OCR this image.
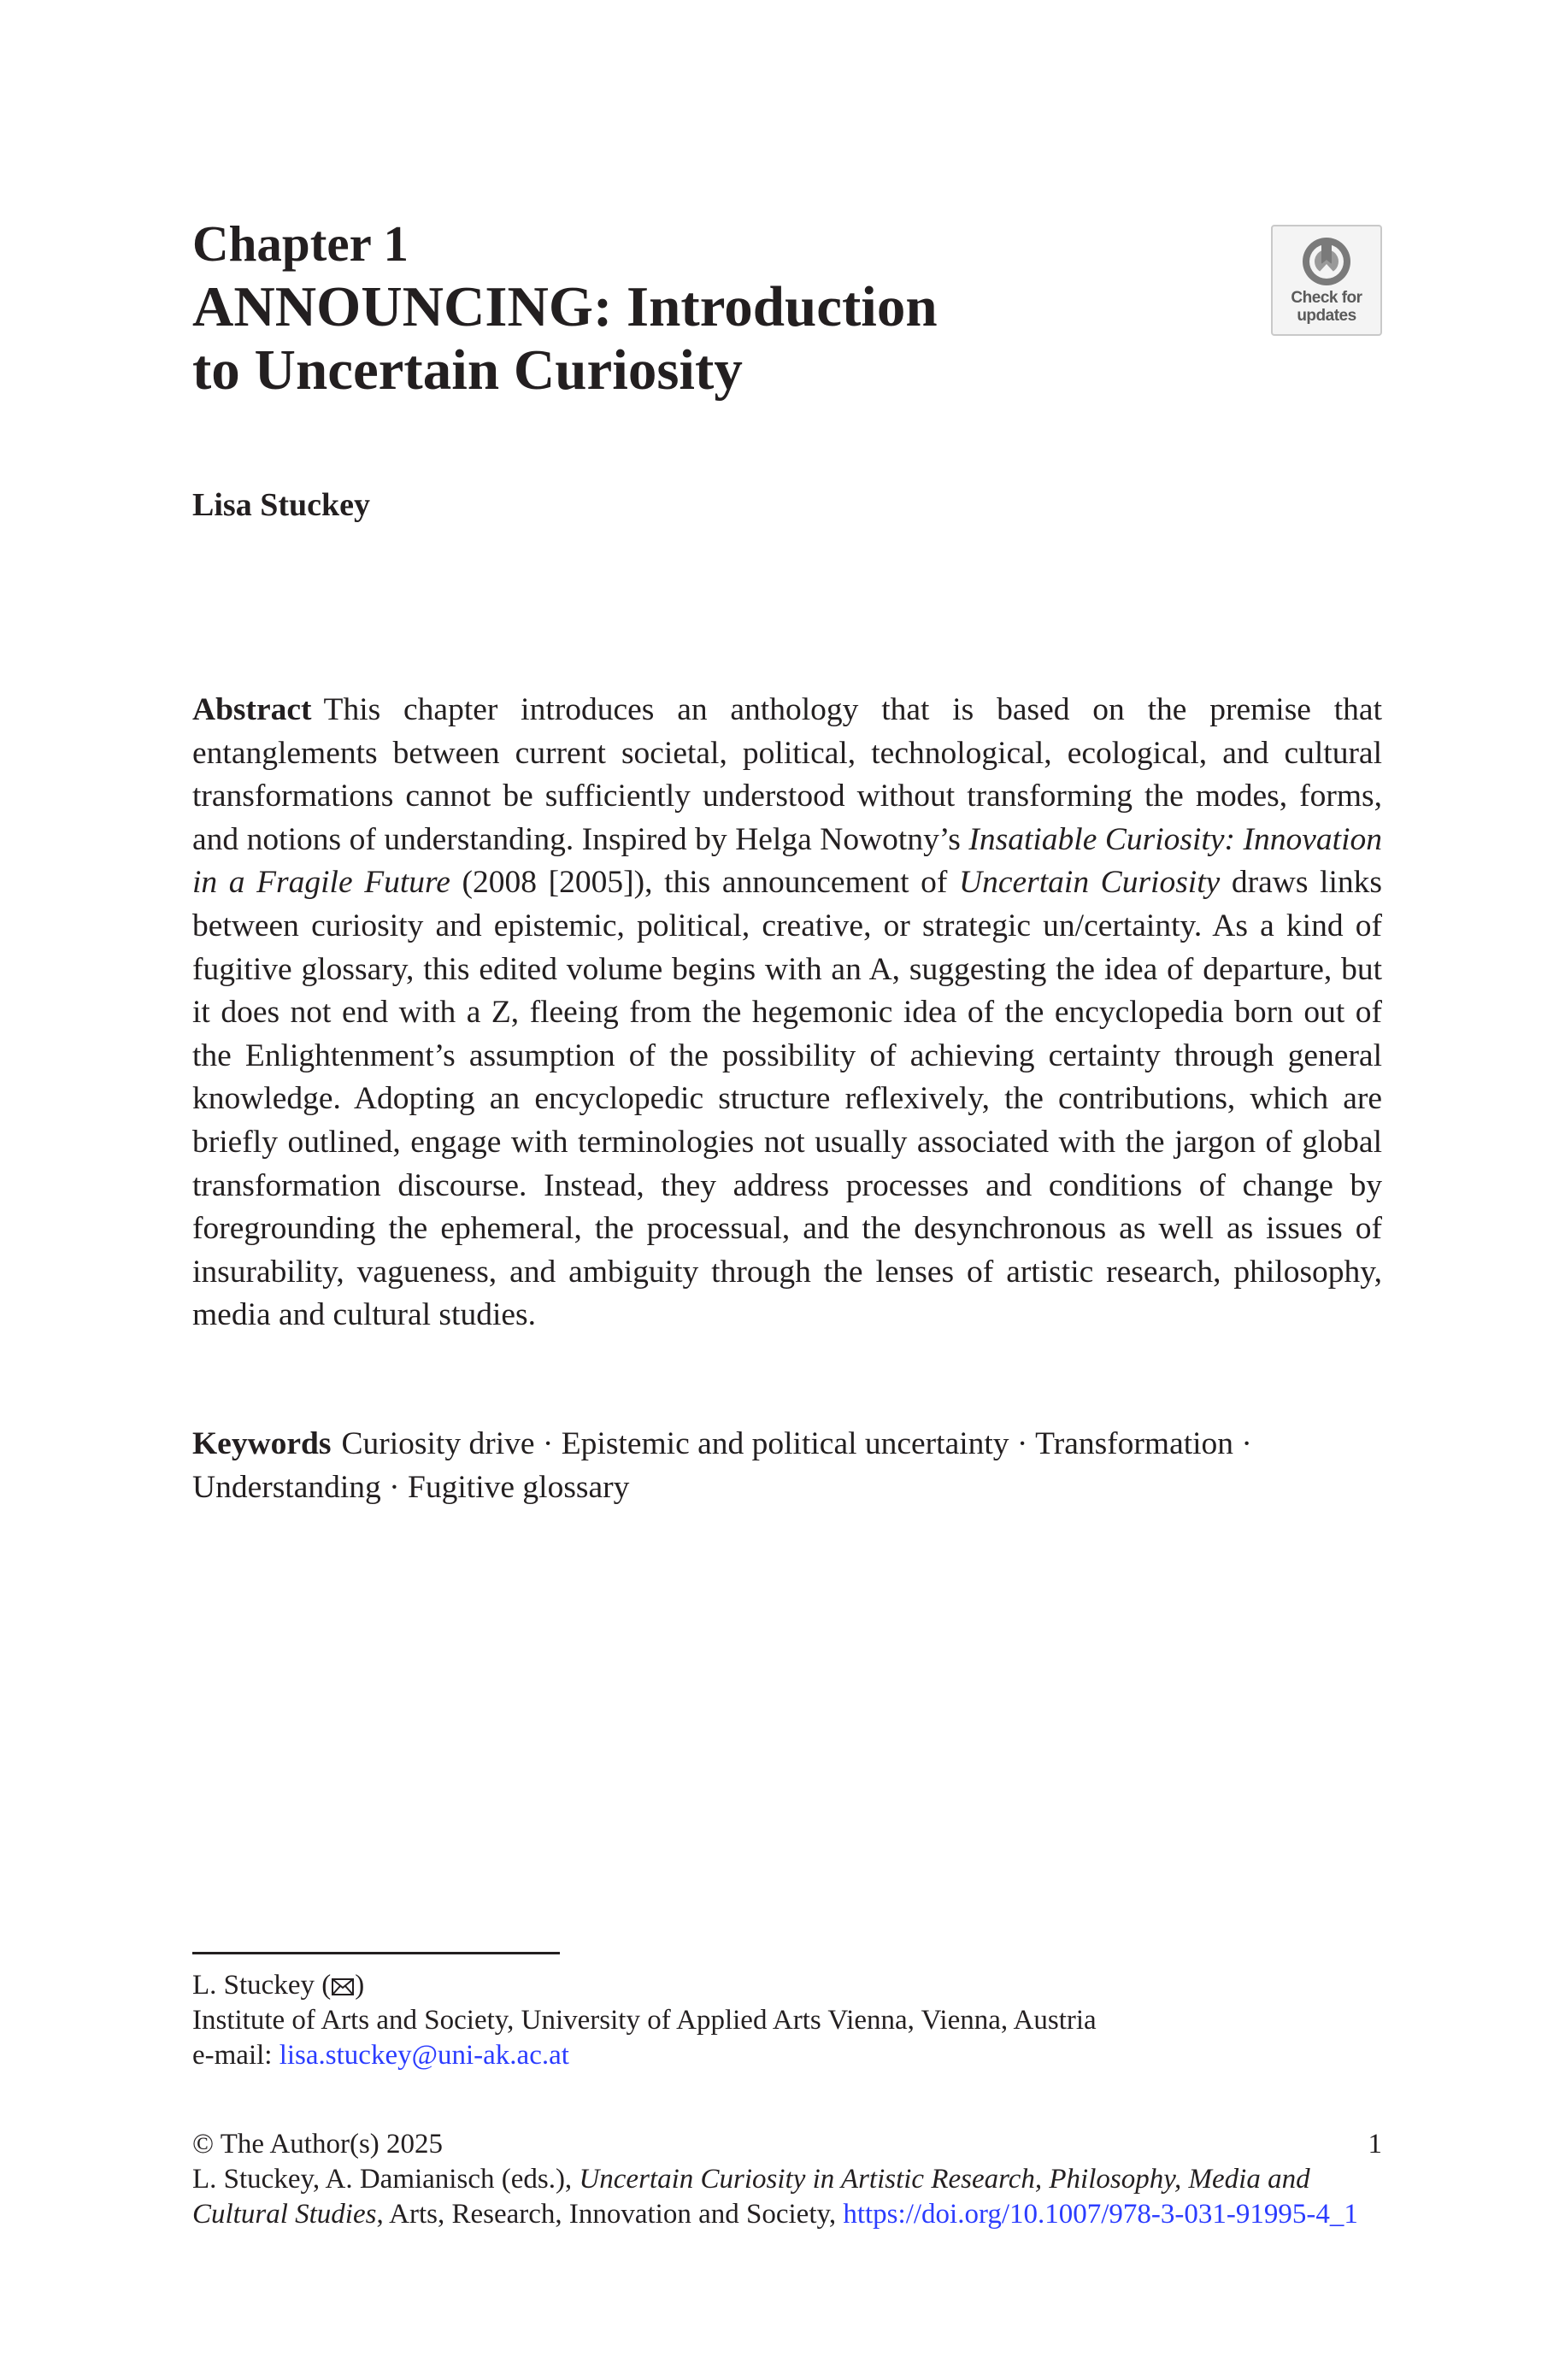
Chapter 1
ANNOUNCING: Introduction
to Uncertain Curiosity
Check for
updates

Lisa Stuckey

Abstract This chapter introduces an anthology that is based on the premise that entanglements between current societal, political, technological, ecological, and cultural transformations cannot be sufficiently understood without transforming the modes, forms, and notions of understanding. Inspired by Helga Nowotny’s Insatiable Curiosity: Innovation in a Fragile Future (2008 [2005]), this announcement of Uncertain Curiosity draws links between curiosity and epistemic, political, creative, or strategic un/certainty. As a kind of fugitive glossary, this edited volume begins with an A, suggesting the idea of departure, but it does not end with a Z, fleeing from the hegemonic idea of the encyclopedia born out of the Enlightenment’s assumption of the possibility of achieving certainty through general knowledge. Adopting an encyclopedic structure reflexively, the contributions, which are briefly outlined, engage with terminologies not usually associated with the jargon of global transformation discourse. Instead, they address processes and conditions of change by foregrounding the ephemeral, the processual, and the desynchronous as well as issues of insurability, vagueness, and ambiguity through the lenses of artistic research, philosophy, media and cultural studies.

Keywords Curiosity drive · Epistemic and political uncertainty · Transformation · Understanding · Fugitive glossary

L. Stuckey ( )

Institute of Arts and Society, University of Applied Arts Vienna, Vienna, Austria

e-mail: lisa.stuckey@uni-ak.ac.at

© The Author(s) 2025

L. Stuckey, A. Damianisch (eds.), Uncertain Curiosity in Artistic Research, Philosophy, Media and Cultural Studies, Arts, Research, Innovation and Society, https://doi.org/10.1007/978-3-031-91995-4_1

1
